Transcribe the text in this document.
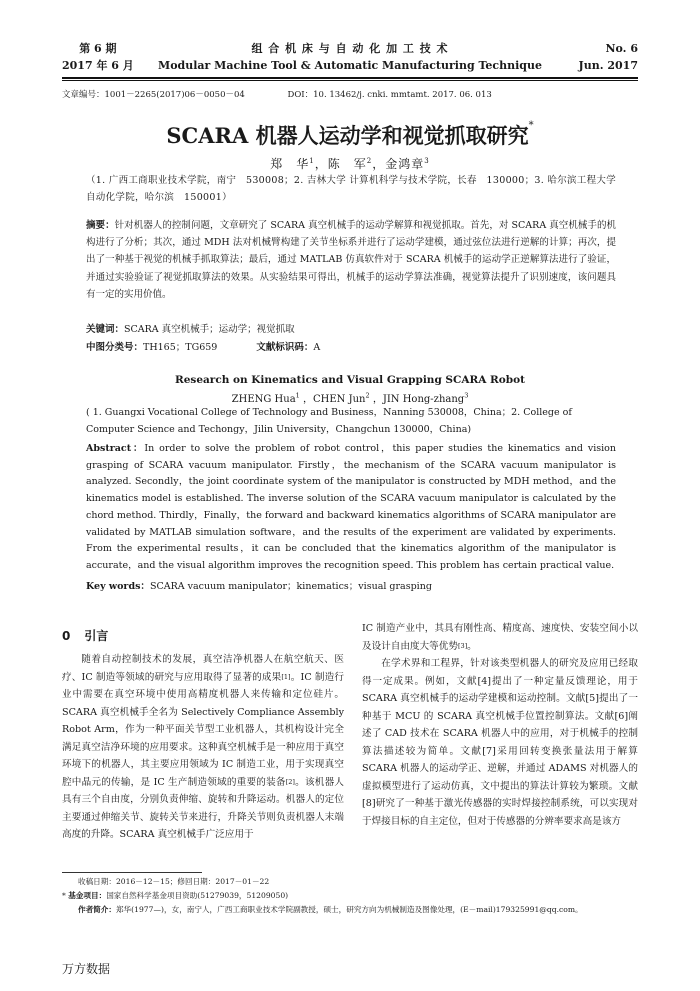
第 6 期
2017 年 6 月
组 合 机 床 与 自 动 化 加 工 技 术
Modular Machine Tool & Automatic Manufacturing Technique
No. 6
Jun. 2017
文章编号：1001－2265(2017)06－0050－04	DOI：10. 13462/j. cnki. mmtamt. 2017. 06. 013
SCARA 机器人运动学和视觉抓取研究*
郑　华$^1$，陈　军$^2$，金鸿章$^3$
（1. 广西工商职业技术学院，南宁　530008；2. 吉林大学 计算机科学与技术学院，长春　130000；3. 哈尔滨工程大学 自动化学院，哈尔滨　150001）
摘要：针对机器人的控制问题，文章研究了 SCARA 真空机械手的运动学解算和视觉抓取。首先，对 SCARA 真空机械手的机构进行了分析；其次，通过 MDH 法对机械臂构建了关节坐标系并进行了运动学建模，通过弦位法进行逆解的计算；再次，提出了一种基于视觉的机械手抓取算法；最后，通过 MATLAB 仿真软件对于 SCARA 机械手的运动学正逆解算法进行了验证，并通过实验验证了视觉抓取算法的效果。从实验结果可得出，机械手的运动学算法准确，视觉算法提升了识别速度，该问题具有一定的实用价值。
关键词：SCARA 真空机械手；运动学；视觉抓取
中图分类号：TH165；TG659	文献标识码：A
Research on Kinematics and Visual Grapping SCARA Robot
ZHENG Hua$^1$ ，CHEN Jun$^2$ ，JIN Hong-zhang$^3$
( 1. Guangxi Vocational College of Technology and Business，Nanning 530008，China；2. College of Computer Science and Techongy，Jilin University，Changchun 130000，China)
Abstract：In order to solve the problem of robot control，this paper studies the kinematics and vision grasping of SCARA vacuum manipulator. Firstly，the mechanism of the SCARA vacuum manipulator is analyzed. Secondly，the joint coordinate system of the manipulator is constructed by MDH method，and the kinematics model is established. The inverse solution of the SCARA vacuum manipulator is calculated by the chord method. Thirdly，Finally，the forward and backward kinematics algorithms of SCARA manipulator are validated by MATLAB simulation software，and the results of the experiment are validated by experiments. From the experimental results，it can be concluded that the kinematics algorithm of the manipulator is accurate，and the visual algorithm improves the recognition speed. This problem has certain practical value.
Key words：SCARA vacuum manipulator；kinematics；visual grasping
0 引言

随着自动控制技术的发展，真空洁净机器人在航空航天、医疗、IC 制造等领域的研究与应用取得了显著的成果[1]。IC 制造行业中需要在真空环境中使用高精度机器人来传输和定位硅片。SCARA 真空机械手全名为 Selectively Compliance Assembly Robot Arm，作为一种平面关节型工业机器人，其机构设计完全满足真空洁净环境的应用要求。这种真空机械手是一种应用于真空环境下的机器人，其主要应用领域为 IC 制造工业，用于实现真空腔中晶元的传输，是 IC 生产制造领域的重要的装备[2]。该机器人具有三个自由度，分别负责伸缩、旋转和升降运动。机器人的定位主要通过伸缩关节、旋转关节来进行，升降关节则负责机器人末端高度的升降。SCARA 真空机械手广泛应用于

IC 制造产业中，其具有刚性高、精度高、速度快、安装空间小以及设计自由度大等优势[3]。

在学术界和工程界，针对该类型机器人的研究及应用已经取得一定成果。例如，文献[4]提出了一种定量反馈理论，用于 SCARA 真空机械手的运动学建模和运动控制。文献[5]提出了一种基于 MCU 的 SCARA 真空机械手位置控制算法。文献[6]阐述了 CAD 技术在 SCARA 机器人中的应用，对于机械手的控制算法描述较为简单。文献[7]采用回转变换张量法用于解算 SCARA 机器人的运动学正、逆解，并通过 ADAMS 对机器人的虚拟模型进行了运动仿真，文中提出的算法计算较为繁琐。文献[8]研究了一种基于激光传感器的实时焊接控制系统，可以实现对于焊接目标的自主定位，但对于传感器的分辨率要求高是该方

收稿日期：2016－12－15；修回日期：2017－01－22
* 基金项目：国家自然科学基金项目资助(51279039，51209050)
作者简介：郑华(1977—)，女，南宁人，广西工商职业技术学院副教授，硕士，研究方向为机械制造及图像处理，(E－mail)179325991@qq.com。
万方数据
